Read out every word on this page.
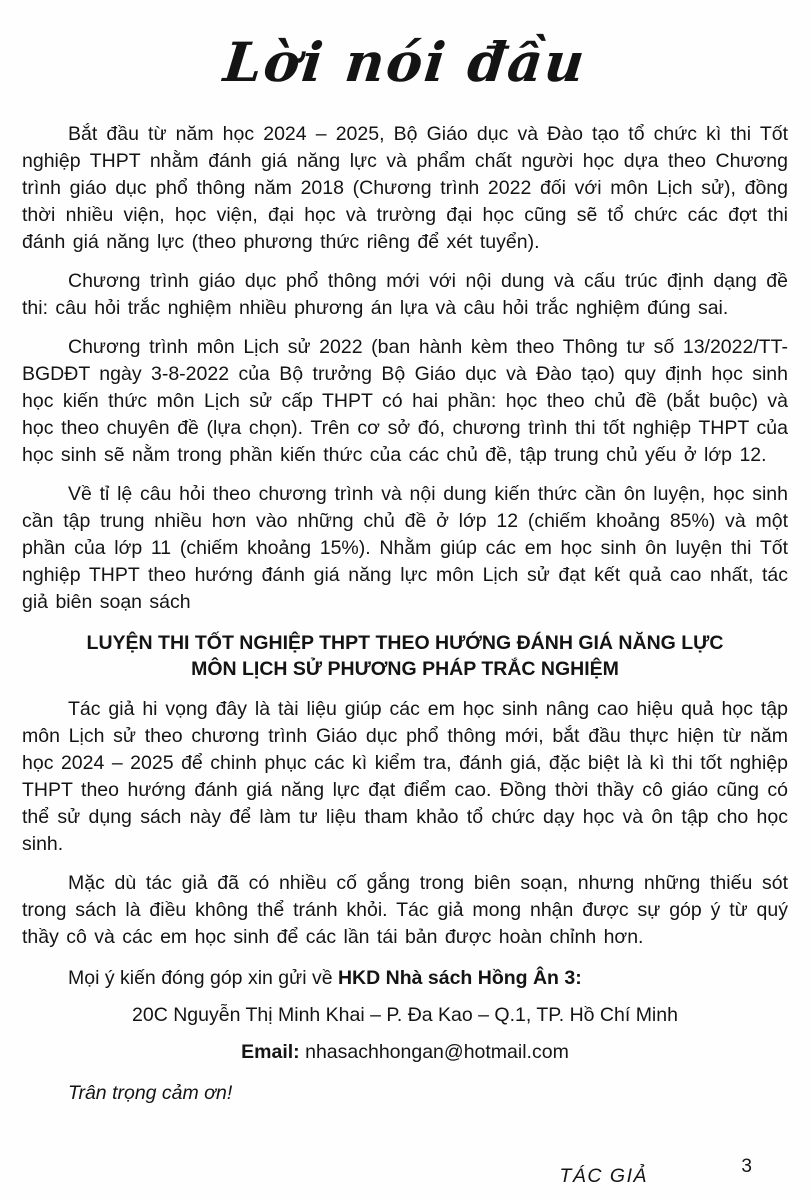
Lời nói đầu

Bắt đầu từ năm học 2024 – 2025, Bộ Giáo dục và Đào tạo tổ chức kì thi Tốt nghiệp THPT nhằm đánh giá năng lực và phẩm chất người học dựa theo Chương trình giáo dục phổ thông năm 2018 (Chương trình 2022 đối với môn Lịch sử), đồng thời nhiều viện, học viện, đại học và trường đại học cũng sẽ tổ chức các đợt thi đánh giá năng lực (theo phương thức riêng để xét tuyển).

Chương trình giáo dục phổ thông mới với nội dung và cấu trúc định dạng đề thi: câu hỏi trắc nghiệm nhiều phương án lựa và câu hỏi trắc nghiệm đúng sai.

Chương trình môn Lịch sử 2022 (ban hành kèm theo Thông tư số 13/2022/TT-BGDĐT ngày 3-8-2022 của Bộ trưởng Bộ Giáo dục và Đào tạo) quy định học sinh học kiến thức môn Lịch sử cấp THPT có hai phần: học theo chủ đề (bắt buộc) và học theo chuyên đề (lựa chọn). Trên cơ sở đó, chương trình thi tốt nghiệp THPT của học sinh sẽ nằm trong phần kiến thức của các chủ đề, tập trung chủ yếu ở lớp 12.

Về tỉ lệ câu hỏi theo chương trình và nội dung kiến thức cần ôn luyện, học sinh cần tập trung nhiều hơn vào những chủ đề ở lớp 12 (chiếm khoảng 85%) và một phần của lớp 11 (chiếm khoảng 15%). Nhằm giúp các em học sinh ôn luyện thi Tốt nghiệp THPT theo hướng đánh giá năng lực môn Lịch sử đạt kết quả cao nhất, tác giả biên soạn sách

LUYỆN THI TỐT NGHIỆP THPT THEO HƯỚNG ĐÁNH GIÁ NĂNG LỰC
MÔN LỊCH SỬ PHƯƠNG PHÁP TRẮC NGHIỆM

Tác giả hi vọng đây là tài liệu giúp các em học sinh nâng cao hiệu quả học tập môn Lịch sử theo chương trình Giáo dục phổ thông mới, bắt đầu thực hiện từ năm học 2024 – 2025 để chinh phục các kì kiểm tra, đánh giá, đặc biệt là kì thi tốt nghiệp THPT theo hướng đánh giá năng lực đạt điểm cao. Đồng thời thầy cô giáo cũng có thể sử dụng sách này để làm tư liệu tham khảo tổ chức dạy học và ôn tập cho học sinh.

Mặc dù tác giả đã có nhiều cố gắng trong biên soạn, nhưng những thiếu sót trong sách là điều không thể tránh khỏi. Tác giả mong nhận được sự góp ý từ quý thầy cô và các em học sinh để các lần tái bản được hoàn chỉnh hơn.

Mọi ý kiến đóng góp xin gửi về HKD Nhà sách Hồng Ân 3:

20C Nguyễn Thị Minh Khai – P. Đa Kao – Q.1, TP. Hồ Chí Minh

Email: nhasachhongan@hotmail.com

Trân trọng cảm ơn!

TÁC GIẢ	3
